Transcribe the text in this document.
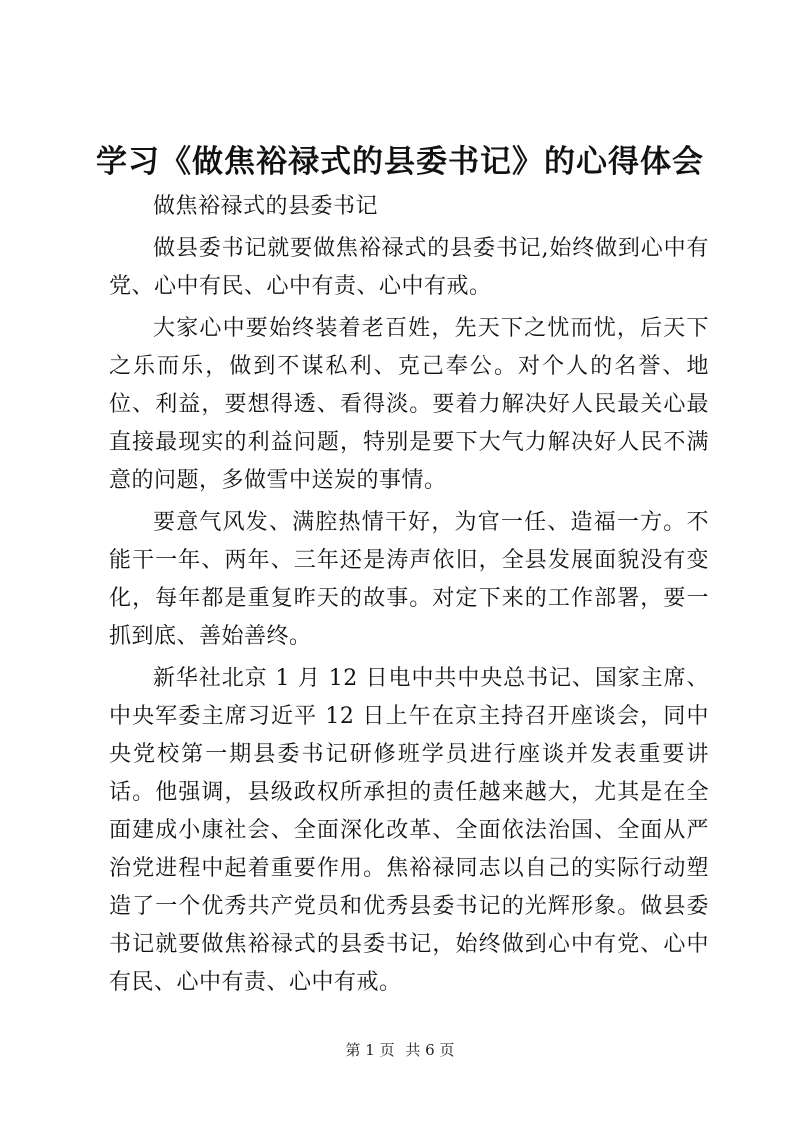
学习《做焦裕禄式的县委书记》的心得体会

做焦裕禄式的县委书记

做县委书记就要做焦裕禄式的县委书记,始终做到心中有党、心中有民、心中有责、心中有戒。

大家心中要始终装着老百姓，先天下之忧而忧，后天下之乐而乐，做到不谋私利、克己奉公。对个人的名誉、地位、利益，要想得透、看得淡。要着力解决好人民最关心最直接最现实的利益问题，特别是要下大气力解决好人民不满意的问题，多做雪中送炭的事情。

要意气风发、满腔热情干好，为官一任、造福一方。不能干一年、两年、三年还是涛声依旧，全县发展面貌没有变化，每年都是重复昨天的故事。对定下来的工作部署，要一抓到底、善始善终。

新华社北京 1 月 12 日电中共中央总书记、国家主席、中央军委主席习近平 12 日上午在京主持召开座谈会，同中央党校第一期县委书记研修班学员进行座谈并发表重要讲话。他强调，县级政权所承担的责任越来越大，尤其是在全面建成小康社会、全面深化改革、全面依法治国、全面从严治党进程中起着重要作用。焦裕禄同志以自己的实际行动塑造了一个优秀共产党员和优秀县委书记的光辉形象。做县委书记就要做焦裕禄式的县委书记，始终做到心中有党、心中有民、心中有责、心中有戒。

第 1 页 共 6 页
